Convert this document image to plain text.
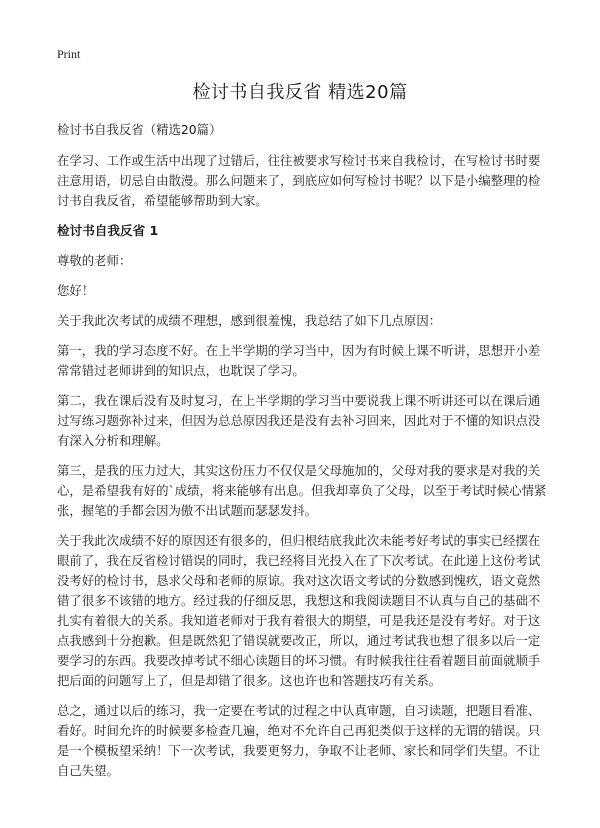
Print
检讨书自我反省 精选20篇

检讨书自我反省（精选20篇）

在学习、工作或生活中出现了过错后，往往被要求写检讨书来自我检讨，在写检讨书时要注意用语，切忌自由散漫。那么问题来了，到底应如何写检讨书呢？以下是小编整理的检讨书自我反省，希望能够帮助到大家。

检讨书自我反省 1

尊敬的老师：

您好！

关于我此次考试的成绩不理想，感到很羞愧，我总结了如下几点原因：

第一，我的学习态度不好。在上半学期的学习当中，因为有时候上课不听讲，思想开小差常常错过老师讲到的知识点，也耽误了学习。

第二，我在课后没有及时复习，在上半学期的学习当中要说我上课不听讲还可以在课后通过写练习题弥补过来，但因为总总原因我还是没有去补习回来，因此对于不懂的知识点没有深入分析和理解。

第三，是我的压力过大，其实这份压力不仅仅是父母施加的，父母对我的要求是对我的关心，是希望我有好的`成绩，将来能够有出息。但我却辜负了父母，以至于考试时候心情紧张，握笔的手都会因为傲不出试题而瑟瑟发抖。

关于我此次成绩不好的原因还有很多的，但归根结底我此次未能考好考试的事实已经摆在眼前了，我在反省检讨错误的同时，我已经将目光投入在了下次考试。在此递上这份考试没考好的检讨书，恳求父母和老师的原谅。我对这次语文考试的分数感到愧疚，语文竟然错了很多不该错的地方。经过我的仔细反思，我想这和我阅读题目不认真与自己的基础不扎实有着很大的关系。我知道老师对于我有着很大的期望，可是我还是没有考好。对于这点我感到十分抱歉。但是既然犯了错误就要改正，所以，通过考试我也想了很多以后一定要学习的东西。我要改掉考试不细心读题目的坏习惯。有时候我往往看着题目前面就顺手把后面的问题写上了，但是却错了很多。这也许也和答题技巧有关系。

总之，通过以后的练习，我一定要在考试的过程之中认真审题，自习读题，把题目看准、看好。时间允许的时候要多检查几遍，绝对不允许自己再犯类似于这样的无谓的错误。只是一个模板望采纳！下一次考试，我要更努力，争取不让老师、家长和同学们失望。不让自己失望。
